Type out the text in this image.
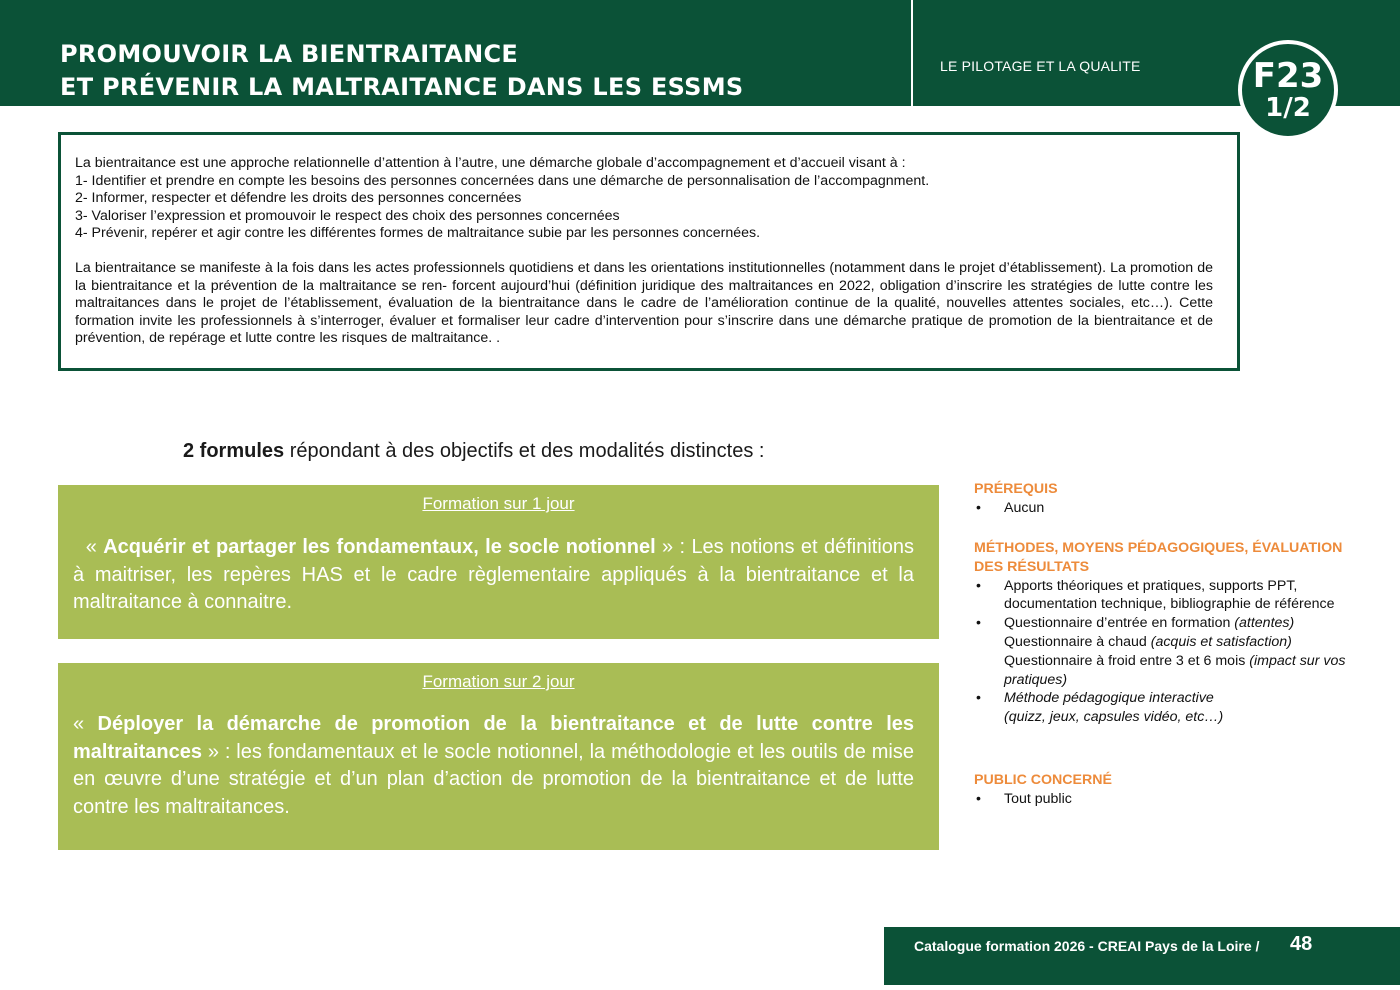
PROMOUVOIR LA BIENTRAITANCE
ET PRÉVENIR LA MALTRAITANCE DANS LES ESSMS
LE PILOTAGE ET LA QUALITE	F23
1/2
La bientraitance est une approche relationnelle d’attention à l’autre, une démarche globale d’accompagnement et d’accueil visant à :
1- Identifier et prendre en compte les besoins des personnes concernées dans une démarche de personnalisation de l’accompagnment.
2- Informer, respecter et défendre les droits des personnes concernées
3- Valoriser l’expression et promouvoir le respect des choix des personnes concernées
4- Prévenir, repérer et agir contre les différentes formes de maltraitance subie par les personnes concernées.

La bientraitance se manifeste à la fois dans les actes professionnels quotidiens et dans les orientations institutionnelles (notamment dans le projet d’établissement). La promotion de la bientraitance et la prévention de la maltraitance se ren- forcent aujourd’hui (définition juridique des maltraitances en 2022, obligation d’inscrire les stratégies de lutte contre les maltraitances dans le projet de l’établissement, évaluation de la bientraitance dans le cadre de l’amélioration continue de la qualité, nouvelles attentes sociales, etc…). Cette formation invite les professionnels à s’interroger, évaluer et formaliser leur cadre d’intervention pour s’inscrire dans une démarche pratique de promotion de la bientraitance et de prévention, de repérage et lutte contre les risques de maltraitance. .

2 formules répondant à des objectifs et des modalités distinctes :
Formation sur 1 jour
« Acquérir et partager les fondamentaux, le socle notionnel » : Les notions et définitions à maitriser, les repères HAS et le cadre règlementaire appliqués à la bientraitance et la maltraitance à connaitre.
Formation sur 2 jour
« Déployer la démarche de promotion de la bientraitance et de lutte contre les maltraitances » : les fondamentaux et le socle notionnel, la méthodologie et les outils de mise en œuvre d’une stratégie et d’un plan d’action de promotion de la bientraitance et de lutte contre les maltraitances.
PRÉREQUIS
• Aucun
MÉTHODES, MOYENS PÉDAGOGIQUES, ÉVALUATION DES RÉSULTATS
• Apports théoriques et pratiques, supports PPT, documentation technique, bibliographie de référence
• Questionnaire d’entrée en formation (attentes)
Questionnaire à chaud (acquis et satisfaction)
Questionnaire à froid entre 3 et 6 mois (impact sur vos pratiques)
• Méthode pédagogique interactive
(quizz, jeux, capsules vidéo, etc…)
PUBLIC CONCERNÉ
• Tout public
Catalogue formation 2026 - CREAI Pays de la Loire / 48
